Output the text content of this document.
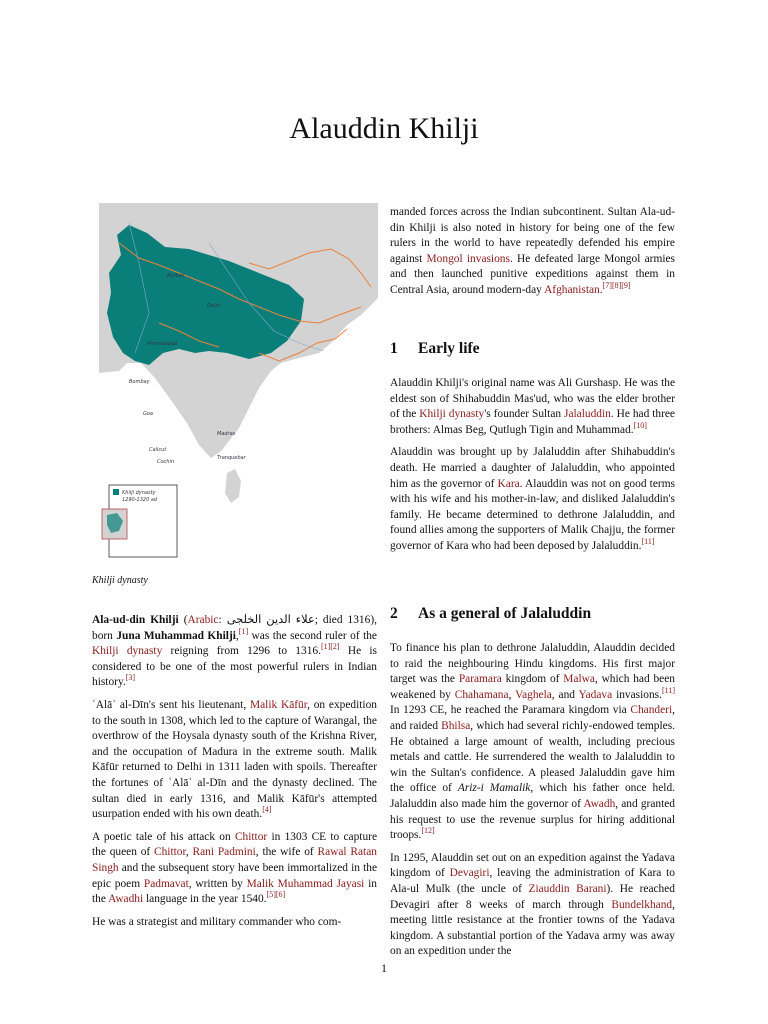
Alauddin Khilji
Multan
Delhi
Ahmedabad
Bombay
Goa
Madras
Calicut
Cochin
Tranquebar
Khilji dynasty
1290-1320 ad
Khilji dynasty

Ala-ud-din Khilji (Arabic: علاء الدین الخلجی; died 1316), born Juna Muhammad Khilji,[1] was the second ruler of the Khilji dynasty reigning from 1296 to 1316.[1][2] He is considered to be one of the most powerful rulers in Indian history.[3]

ʿAlāʾ al-Dīn's sent his lieutenant, Malik Kāfūr, on expedition to the south in 1308, which led to the capture of Warangal, the overthrow of the Hoysala dynasty south of the Krishna River, and the occupation of Madura in the extreme south. Malik Kāfūr returned to Delhi in 1311 laden with spoils. Thereafter the fortunes of ʿAlāʾ al-Dīn and the dynasty declined. The sultan died in early 1316, and Malik Kāfūr's attempted usurpation ended with his own death.[4]

A poetic tale of his attack on Chittor in 1303 CE to capture the queen of Chittor, Rani Padmini, the wife of Rawal Ratan Singh and the subsequent story have been immortalized in the epic poem Padmavat, written by Malik Muhammad Jayasi in the Awadhi language in the year 1540.[5][6]

He was a strategist and military commander who com-

manded forces across the Indian subcontinent. Sultan Ala-ud-din Khilji is also noted in history for being one of the few rulers in the world to have repeatedly defended his empire against Mongol invasions. He defeated large Mongol armies and then launched punitive expeditions against them in Central Asia, around modern-day Afghanistan.[7][8][9]

1 Early life

Alauddin Khilji's original name was Ali Gurshasp. He was the eldest son of Shihabuddin Mas'ud, who was the elder brother of the Khilji dynasty's founder Sultan Jalaluddin. He had three brothers: Almas Beg, Qutlugh Tigin and Muhammad.[10]

Alauddin was brought up by Jalaluddin after Shihabuddin's death. He married a daughter of Jalaluddin, who appointed him as the governor of Kara. Alauddin was not on good terms with his wife and his mother-in-law, and disliked Jalaluddin's family. He became determined to dethrone Jalaluddin, and found allies among the supporters of Malik Chajju, the former governor of Kara who had been deposed by Jalaluddin.[11]

2 As a general of Jalaluddin

To finance his plan to dethrone Jalaluddin, Alauddin decided to raid the neighbouring Hindu kingdoms. His first major target was the Paramara kingdom of Malwa, which had been weakened by Chahamana, Vaghela, and Yadava invasions.[11] In 1293 CE, he reached the Paramara kingdom via Chanderi, and raided Bhilsa, which had several richly-endowed temples. He obtained a large amount of wealth, including precious metals and cattle. He surrendered the wealth to Jalaluddin to win the Sultan's confidence. A pleased Jalaluddin gave him the office of Ariz-i Mamalik, which his father once held. Jalaluddin also made him the governor of Awadh, and granted his request to use the revenue surplus for hiring additional troops.[12]

In 1295, Alauddin set out on an expedition against the Yadava kingdom of Devagiri, leaving the administration of Kara to Ala-ul Mulk (the uncle of Ziauddin Barani). He reached Devagiri after 8 weeks of march through Bundelkhand, meeting little resistance at the frontier towns of the Yadava kingdom. A substantial portion of the Yadava army was away on an expedition under the

1
